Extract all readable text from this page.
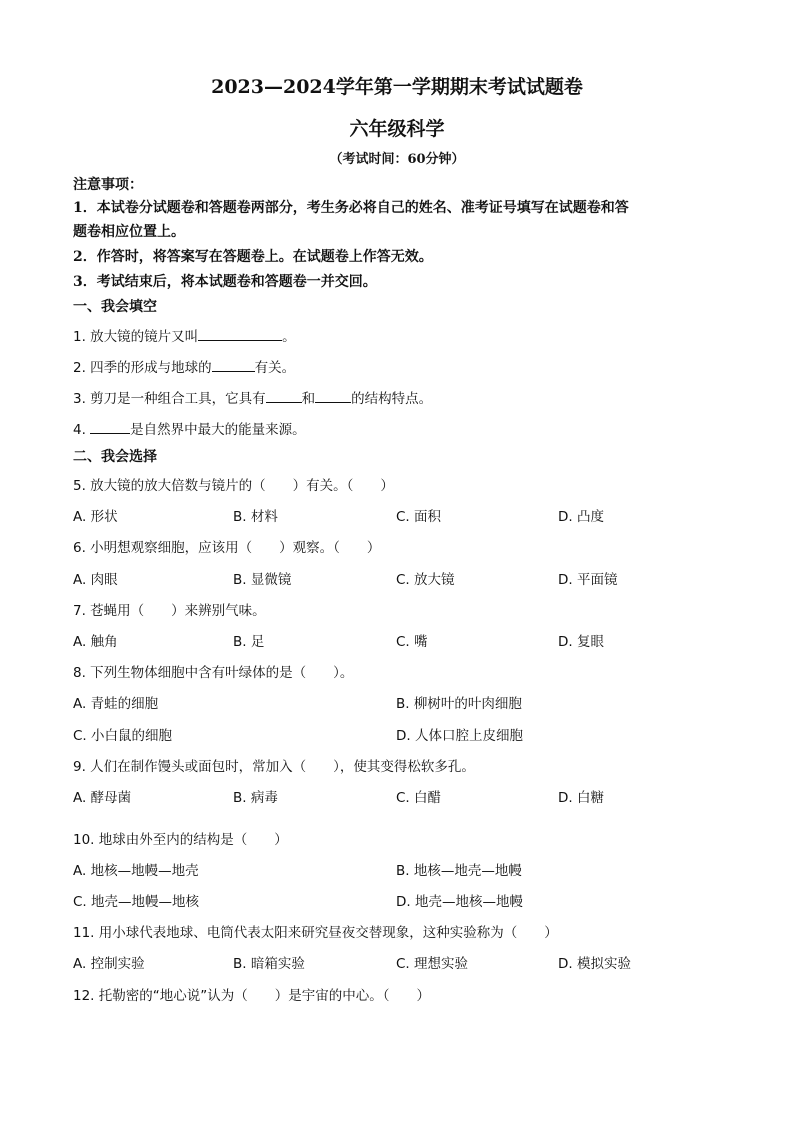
2023—2024学年第一学期期末考试试题卷
六年级科学
（考试时间：60分钟）
注意事项：
1．本试卷分试题卷和答题卷两部分，考生务必将自己的姓名、准考证号填写在试题卷和答
题卷相应位置上。
2．作答时，将答案写在答题卷上。在试题卷上作答无效。
3．考试结束后，将本试题卷和答题卷一并交回。
一、我会填空
1. 放大镜的镜片又叫	。
2. 四季的形成与地球的	有关。
3. 剪刀是一种组合工具，它具有	和	的结构特点。
4.	是自然界中最大的能量来源。
二、我会选择
5. 放大镜的放大倍数与镜片的（　　）有关。（　　）
A. 形状	B. 材料	C. 面积	D. 凸度
6. 小明想观察细胞，应该用（　　）观察。（　　）
A. 肉眼	B. 显微镜	C. 放大镜	D. 平面镜
7. 苍蝇用（　　）来辨别气味。
A. 触角	B. 足	C. 嘴	D. 复眼
8. 下列生物体细胞中含有叶绿体的是（　　）。
A. 青蛙的细胞	B. 柳树叶的叶肉细胞
C. 小白鼠的细胞	D. 人体口腔上皮细胞
9. 人们在制作馒头或面包时，常加入（　　），使其变得松软多孔。
A. 酵母菌	B. 病毒	C. 白醋	D. 白糖
10. 地球由外至内的结构是（　　）
A. 地核—地幔—地壳	B. 地核—地壳—地幔
C. 地壳—地幔—地核	D. 地壳—地核—地幔
11. 用小球代表地球、电筒代表太阳来研究昼夜交替现象，这种实验称为（　　）
A. 控制实验	B. 暗箱实验	C. 理想实验	D. 模拟实验
12. 托勒密的“地心说”认为（　　）是宇宙的中心。（　　）
